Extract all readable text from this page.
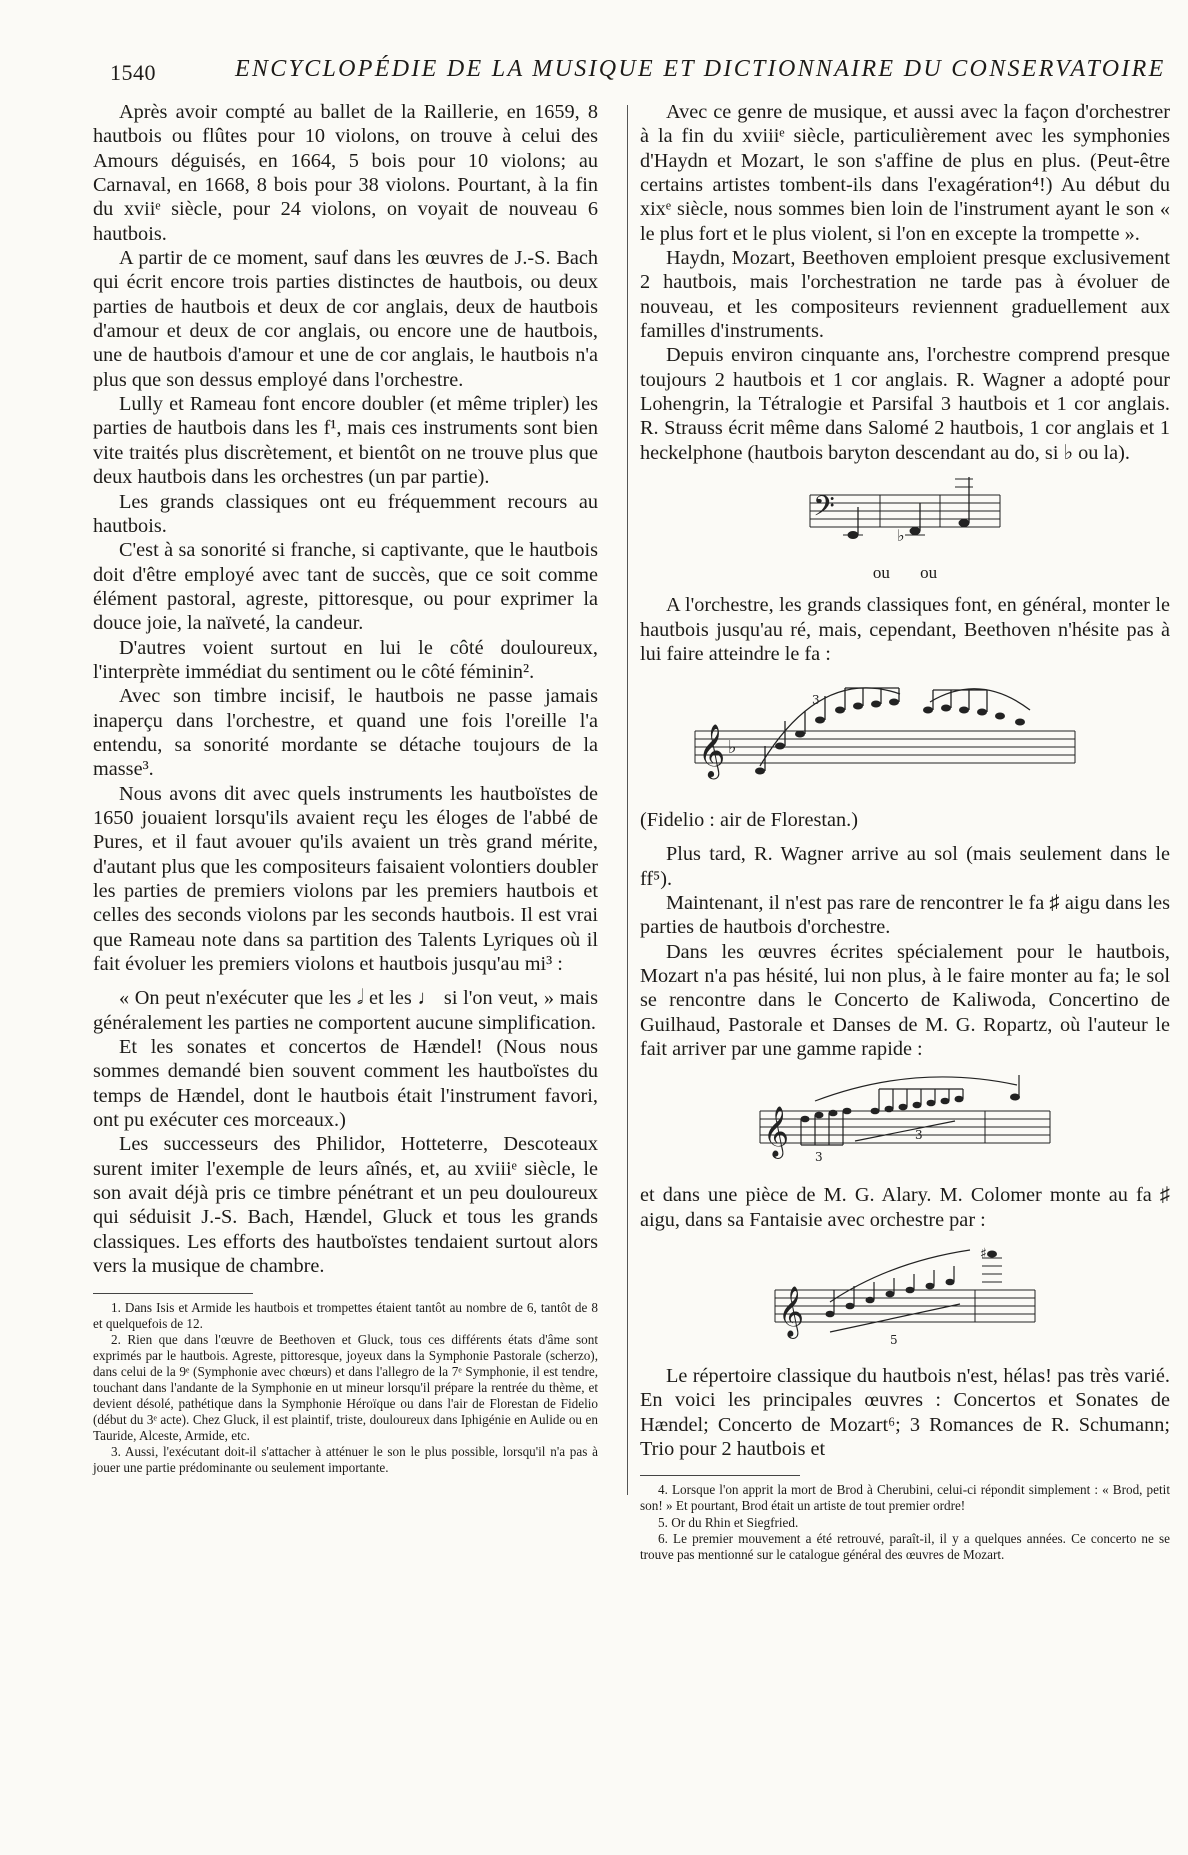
1540	ENCYCLOPÉDIE DE LA MUSIQUE ET DICTIONNAIRE DU CONSERVATOIRE

Après avoir compté au ballet de la Raillerie, en 1659, 8 hautbois ou flûtes pour 10 violons, on trouve à celui des Amours déguisés, en 1664, 5 bois pour 10 violons; au Carnaval, en 1668, 8 bois pour 38 violons. Pourtant, à la fin du xviiᵉ siècle, pour 24 violons, on voyait de nouveau 6 hautbois.

A partir de ce moment, sauf dans les œuvres de J.-S. Bach qui écrit encore trois parties distinctes de hautbois, ou deux parties de hautbois et deux de cor anglais, deux de hautbois d'amour et deux de cor anglais, ou encore une de hautbois, une de hautbois d'amour et une de cor anglais, le hautbois n'a plus que son dessus employé dans l'orchestre.

Lully et Rameau font encore doubler (et même tripler) les parties de hautbois dans les f¹, mais ces instruments sont bien vite traités plus discrètement, et bientôt on ne trouve plus que deux hautbois dans les orchestres (un par partie).

Les grands classiques ont eu fréquemment recours au hautbois.

C'est à sa sonorité si franche, si captivante, que le hautbois doit d'être employé avec tant de succès, que ce soit comme élément pastoral, agreste, pittoresque, ou pour exprimer la douce joie, la naïveté, la candeur.

D'autres voient surtout en lui le côté douloureux, l'interprète immédiat du sentiment ou le côté féminin².

Avec son timbre incisif, le hautbois ne passe jamais inaperçu dans l'orchestre, et quand une fois l'oreille l'a entendu, sa sonorité mordante se détache toujours de la masse³.

Nous avons dit avec quels instruments les hautboïstes de 1650 jouaient lorsqu'ils avaient reçu les éloges de l'abbé de Pures, et il faut avouer qu'ils avaient un très grand mérite, d'autant plus que les compositeurs faisaient volontiers doubler les parties de premiers violons par les premiers hautbois et celles des seconds violons par les seconds hautbois. Il est vrai que Rameau note dans sa partition des Talents Lyriques où il fait évoluer les premiers violons et hautbois jusqu'au mi³ :

« On peut n'exécuter que les 𝅗𝅥 et les ♩ si l'on veut, » mais généralement les parties ne comportent aucune simplification.

Et les sonates et concertos de Hændel! (Nous nous sommes demandé bien souvent comment les hautboïstes du temps de Hændel, dont le hautbois était l'instrument favori, ont pu exécuter ces morceaux.)

Les successeurs des Philidor, Hotteterre, Descoteaux surent imiter l'exemple de leurs aînés, et, au xviiiᵉ siècle, le son avait déjà pris ce timbre pénétrant et un peu douloureux qui séduisit J.-S. Bach, Hændel, Gluck et tous les grands classiques. Les efforts des hautboïstes tendaient surtout alors vers la musique de chambre.

1. Dans Isis et Armide les hautbois et trompettes étaient tantôt au nombre de 6, tantôt de 8 et quelquefois de 12.

2. Rien que dans l'œuvre de Beethoven et Gluck, tous ces différents états d'âme sont exprimés par le hautbois. Agreste, pittoresque, joyeux dans la Symphonie Pastorale (scherzo), dans celui de la 9ᵉ (Symphonie avec chœurs) et dans l'allegro de la 7ᵉ Symphonie, il est tendre, touchant dans l'andante de la Symphonie en ut mineur lorsqu'il prépare la rentrée du thème, et devient désolé, pathétique dans la Symphonie Héroïque ou dans l'air de Florestan de Fidelio (début du 3ᵉ acte). Chez Gluck, il est plaintif, triste, douloureux dans Iphigénie en Aulide ou en Tauride, Alceste, Armide, etc.

3. Aussi, l'exécutant doit-il s'attacher à atténuer le son le plus possible, lorsqu'il n'a pas à jouer une partie prédominante ou seulement importante.

Avec ce genre de musique, et aussi avec la façon d'orchestrer à la fin du xviiiᵉ siècle, particulièrement avec les symphonies d'Haydn et Mozart, le son s'affine de plus en plus. (Peut-être certains artistes tombent-ils dans l'exagération⁴!) Au début du xixᵉ siècle, nous sommes bien loin de l'instrument ayant le son « le plus fort et le plus violent, si l'on en excepte la trompette ».

Haydn, Mozart, Beethoven emploient presque exclusivement 2 hautbois, mais l'orchestration ne tarde pas à évoluer de nouveau, et les compositeurs reviennent graduellement aux familles d'instruments.

Depuis environ cinquante ans, l'orchestre comprend presque toujours 2 hautbois et 1 cor anglais. R. Wagner a adopté pour Lohengrin, la Tétralogie et Parsifal 3 hautbois et 1 cor anglais. R. Strauss écrit même dans Salomé 2 hautbois, 1 cor anglais et 1 heckelphone (hautbois baryton descendant au do, si ♭ ou la).

𝄢
♭
ou ou

A l'orchestre, les grands classiques font, en général, monter le hautbois jusqu'au ré, mais, cependant, Beethoven n'hésite pas à lui faire atteindre le fa :

𝄞 ♭
3
(Fidelio : air de Florestan.)

Plus tard, R. Wagner arrive au sol (mais seulement dans le ff⁵).

Maintenant, il n'est pas rare de rencontrer le fa ♯ aigu dans les parties de hautbois d'orchestre.

Dans les œuvres écrites spécialement pour le hautbois, Mozart n'a pas hésité, lui non plus, à le faire monter au fa; le sol se rencontre dans le Concerto de Kaliwoda, Concertino de Guilhaud, Pastorale et Danses de M. G. Ropartz, où l'auteur le fait arriver par une gamme rapide :

𝄞 3
3

et dans une pièce de M. G. Alary. M. Colomer monte au fa ♯ aigu, dans sa Fantaisie avec orchestre par :

𝄞
♯
5

Le répertoire classique du hautbois n'est, hélas! pas très varié. En voici les principales œuvres : Concertos et Sonates de Hændel; Concerto de Mozart⁶; 3 Romances de R. Schumann; Trio pour 2 hautbois et

4. Lorsque l'on apprit la mort de Brod à Cherubini, celui-ci répondit simplement : « Brod, petit son! » Et pourtant, Brod était un artiste de tout premier ordre!

5. Or du Rhin et Siegfried.

6. Le premier mouvement a été retrouvé, paraît-il, il y a quelques années. Ce concerto ne se trouve pas mentionné sur le catalogue général des œuvres de Mozart.
